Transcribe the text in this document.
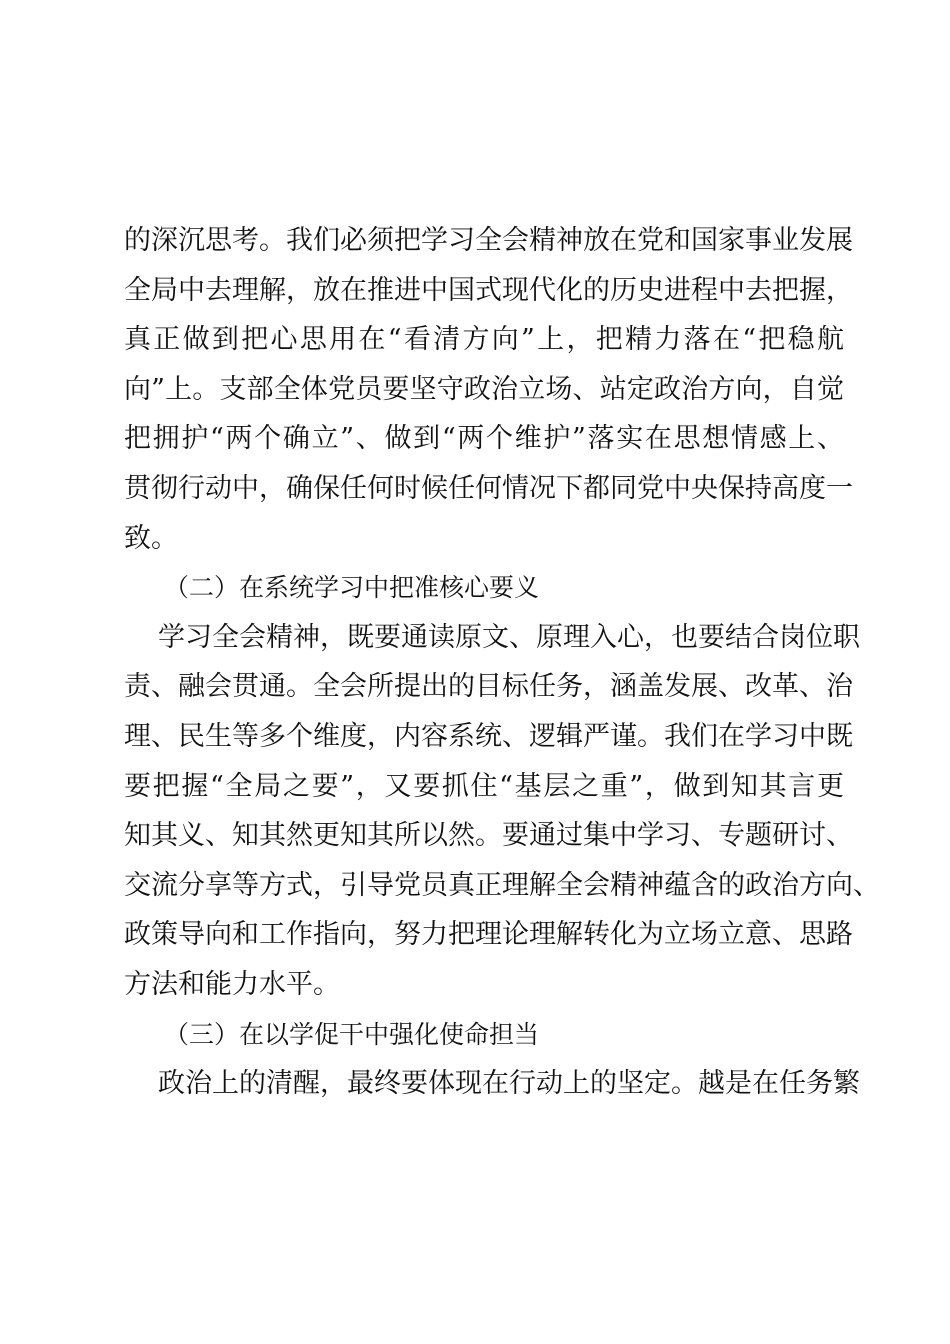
的深沉思考。我们必须把学习全会精神放在党和国家事业发展
全局中去理解，放在推进中国式现代化的历史进程中去把握，
真正做到把心思用在“看清方向”上，把精力落在“把稳航
向”上。支部全体党员要坚守政治立场、站定政治方向，自觉
把拥护“两个确立”、做到“两个维护”落实在思想情感上、
贯彻行动中，确保任何时候任何情况下都同党中央保持高度一
致。
（二）在系统学习中把准核心要义
学习全会精神，既要通读原文、原理入心，也要结合岗位职
责、融会贯通。全会所提出的目标任务，涵盖发展、改革、治
理、民生等多个维度，内容系统、逻辑严谨。我们在学习中既
要把握“全局之要”，又要抓住“基层之重”，做到知其言更
知其义、知其然更知其所以然。要通过集中学习、专题研讨、
交流分享等方式，引导党员真正理解全会精神蕴含的政治方向、
政策导向和工作指向，努力把理论理解转化为立场立意、思路
方法和能力水平。
（三）在以学促干中强化使命担当
政治上的清醒，最终要体现在行动上的坚定。越是在任务繁
